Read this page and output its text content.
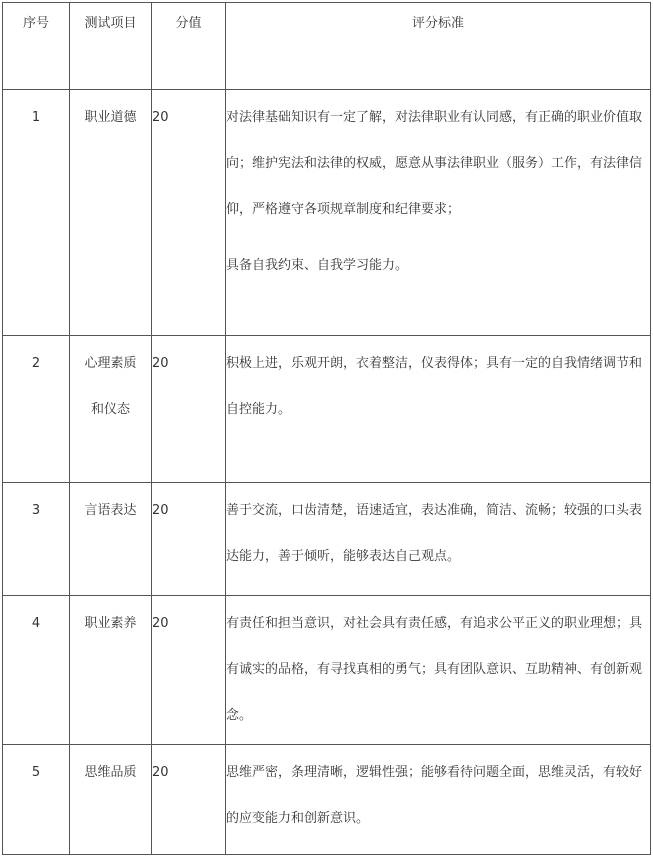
序号	测试项目	分值	评分标准
1	职业道德	20	对法律基础知识有一定了解，对法律职业有认同感，有正确的职业价值取向；维护宪法和法律的权威，愿意从事法律职业（服务）工作，有法律信仰，严格遵守各项规章制度和纪律要求；

具备自我约束、自我学习能力。

2	心理素质和仪态	20	积极上进，乐观开朗，衣着整洁，仪表得体；具有一定的自我情绪调节和自控能力。

3	言语表达	20	善于交流，口齿清楚，语速适宜，表达准确，简洁、流畅；较强的口头表达能力，善于倾听，能够表达自己观点。

4	职业素养	20	有责任和担当意识，对社会具有责任感，有追求公平正义的职业理想；具有诚实的品格，有寻找真相的勇气；具有团队意识、互助精神、有创新观念。

5	思维品质	20	思维严密，条理清晰，逻辑性强；能够看待问题全面，思维灵活，有较好的应变能力和创新意识。
